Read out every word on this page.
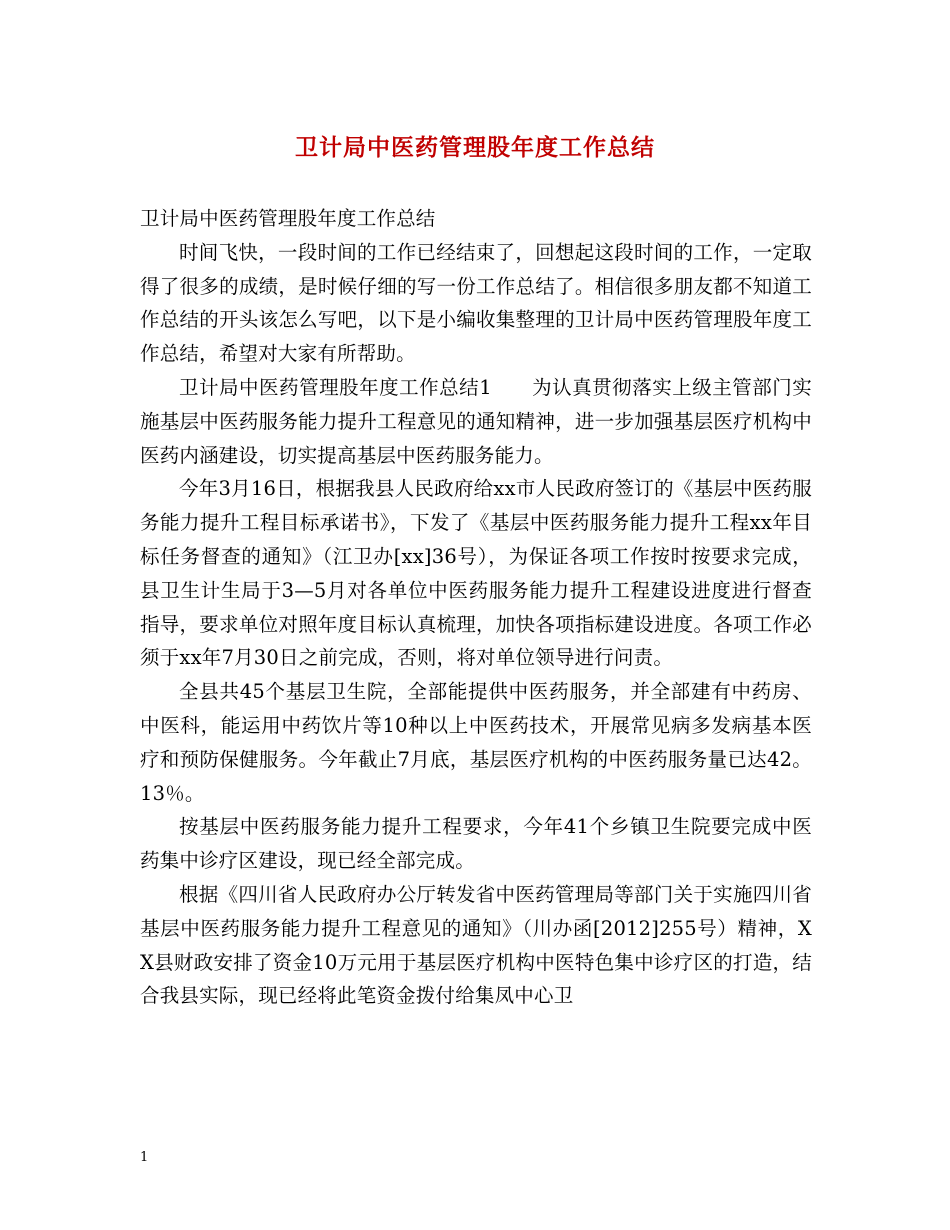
卫计局中医药管理股年度工作总结

卫计局中医药管理股年度工作总结

时间飞快，一段时间的工作已经结束了，回想起这段时间的工作，一定取得了很多的成绩，是时候仔细的写一份工作总结了。相信很多朋友都不知道工作总结的开头该怎么写吧，以下是小编收集整理的卫计局中医药管理股年度工作总结，希望对大家有所帮助。

卫计局中医药管理股年度工作总结1　　为认真贯彻落实上级主管部门实施基层中医药服务能力提升工程意见的通知精神，进一步加强基层医疗机构中医药内涵建设，切实提高基层中医药服务能力。

今年3月16日，根据我县人民政府给xx市人民政府签订的《基层中医药服务能力提升工程目标承诺书》，下发了《基层中医药服务能力提升工程xx年目标任务督查的通知》（江卫办[xx]36号），为保证各项工作按时按要求完成，县卫生计生局于3—5月对各单位中医药服务能力提升工程建设进度进行督查指导，要求单位对照年度目标认真梳理，加快各项指标建设进度。各项工作必须于xx年7月30日之前完成，否则，将对单位领导进行问责。

全县共45个基层卫生院，全部能提供中医药服务，并全部建有中药房、中医科，能运用中药饮片等10种以上中医药技术，开展常见病多发病基本医疗和预防保健服务。今年截止7月底，基层医疗机构的中医药服务量已达42。13％。

按基层中医药服务能力提升工程要求，今年41个乡镇卫生院要完成中医药集中诊疗区建设，现已经全部完成。

根据《四川省人民政府办公厅转发省中医药管理局等部门关于实施四川省基层中医药服务能力提升工程意见的通知》（川办函[2012]255号）精神，XX县财政安排了资金10万元用于基层医疗机构中医特色集中诊疗区的打造，结合我县实际，现已经将此笔资金拨付给集凤中心卫

1
